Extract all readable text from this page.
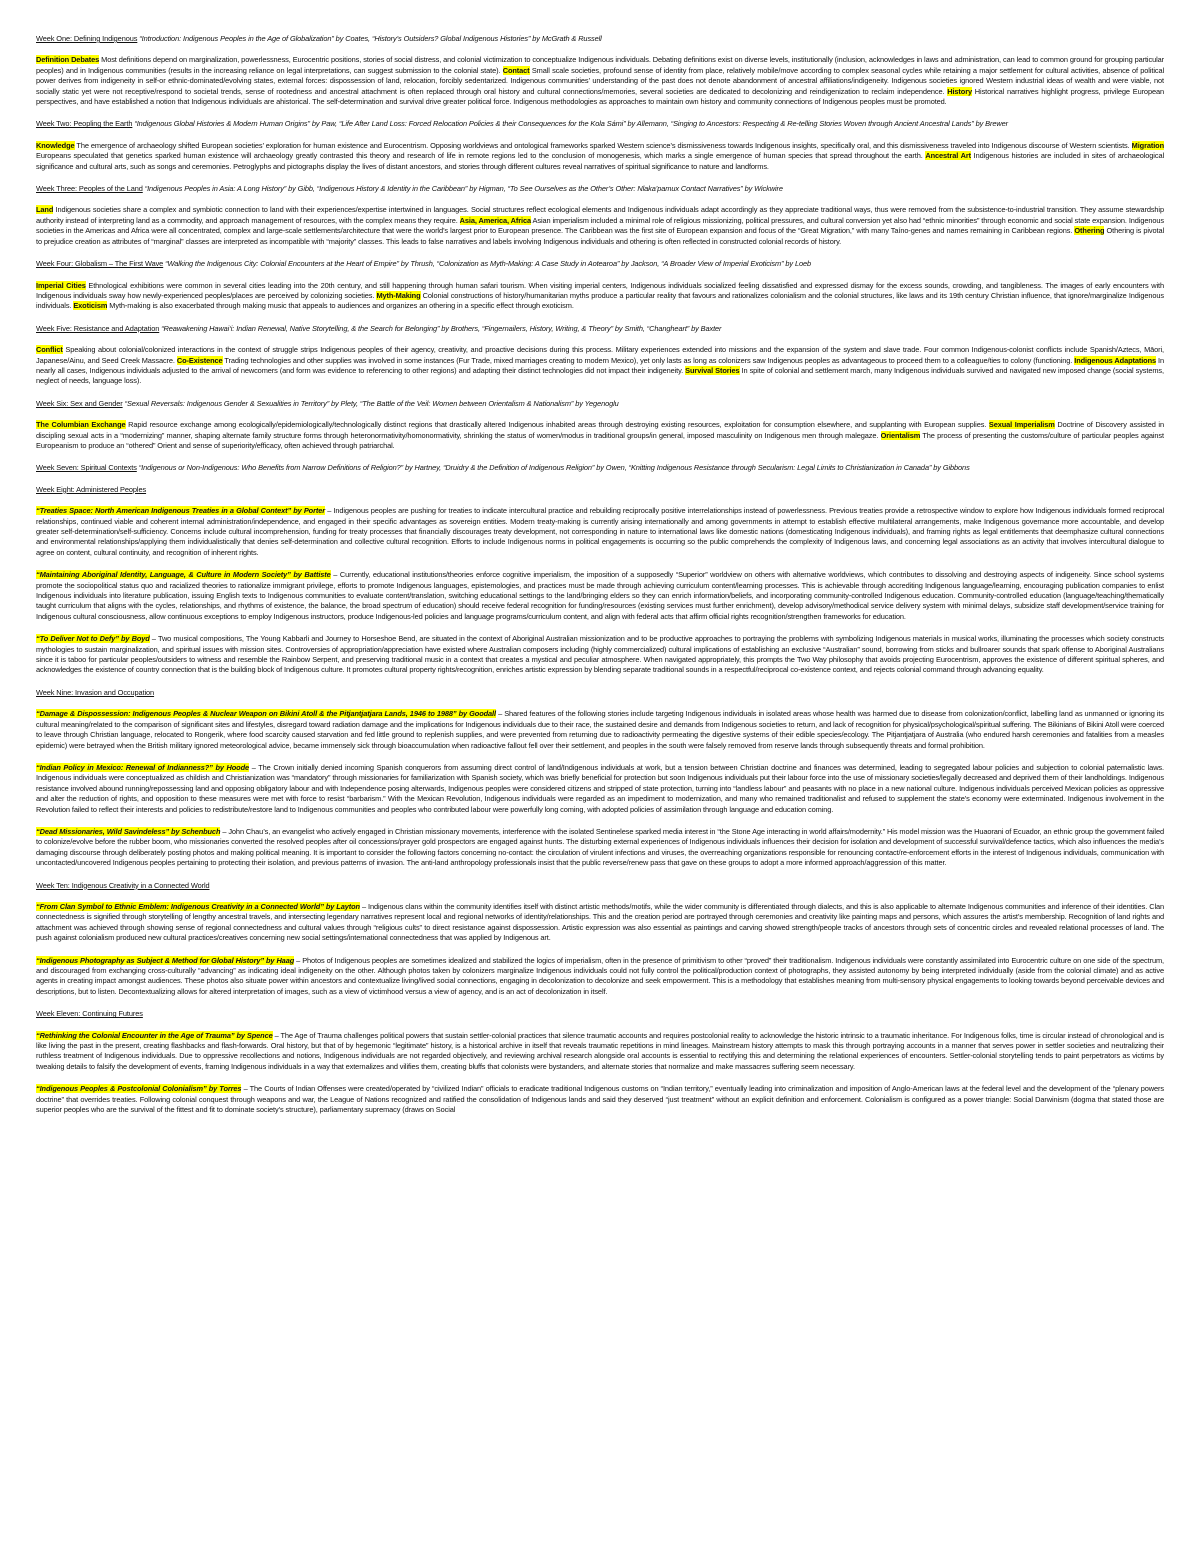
Week One: Defining Indigenous “Introduction: Indigenous Peoples in the Age of Globalization” by Coates, “History’s Outsiders? Global Indigenous Histories” by McGrath & Russell

Definition Debates Most definitions depend on marginalization, powerlessness, Eurocentric positions, stories of social distress, and colonial victimization to conceptualize Indigenous individuals. Debating definitions exist on diverse levels, institutionally (inclusion, acknowledges in laws and administration, can lead to common ground for grouping particular peoples) and in Indigenous communities (results in the increasing reliance on legal interpretations, can suggest submission to the colonial state). Contact Small scale societies, profound sense of identity from place, relatively mobile/move according to complex seasonal cycles while retaining a major settlement for cultural activities, absence of political power derives from indigeneity in self-or ethnic-dominated/evolving states, external forces: dispossession of land, relocation, forcibly sedentarized. Indigenous communities’ understanding of the past does not denote abandonment of ancestral affiliations/indigeneity. Indigenous societies ignored Western industrial ideas of wealth and were viable, not socially static yet were not receptive/respond to societal trends, sense of rootedness and ancestral attachment is often replaced through oral history and cultural connections/memories, several societies are dedicated to decolonizing and reindigenization to reclaim independence. History Historical narratives highlight progress, privilege European perspectives, and have established a notion that Indigenous individuals are ahistorical. The self-determination and survival drive greater political force. Indigenous methodologies as approaches to maintain own history and community connections of Indigenous peoples must be promoted.

Week Two: Peopling the Earth “Indigenous Global Histories & Modern Human Origins” by Paw, “Life After Land Loss: Forced Relocation Policies & their Consequences for the Kola Sámi” by Allemann, “Singing to Ancestors: Respecting & Re-telling Stories Woven through Ancient Ancestral Lands” by Brewer

Knowledge The emergence of archaeology shifted European societies’ exploration for human existence and Eurocentrism. Opposing worldviews and ontological frameworks sparked Western science’s dismissiveness towards Indigenous insights, specifically oral, and this dismissiveness traveled into Indigenous discourse of Western scientists. Migration Europeans speculated that genetics sparked human existence will archaeology greatly contrasted this theory and research of life in remote regions led to the conclusion of monogenesis, which marks a single emergence of human species that spread throughout the earth. Ancestral Art Indigenous histories are included in sites of archaeological significance and cultural arts, such as songs and ceremonies. Petroglyphs and pictographs display the lives of distant ancestors, and stories through different cultures reveal narratives of spiritual significance to nature and landforms.

Week Three: Peoples of the Land “Indigenous Peoples in Asia: A Long History” by Gibb, “Indigenous History & Identity in the Caribbean” by Higman, “To See Ourselves as the Other’s Other: Nlaka’pamux Contact Narratives” by Wickwire

Land Indigenous societies share a complex and symbiotic connection to land with their experiences/expertise intertwined in languages. Social structures reflect ecological elements and Indigenous individuals adapt accordingly as they appreciate traditional ways, thus were removed from the subsistence-to-industrial transition. They assume stewardship authority instead of interpreting land as a commodity, and approach management of resources, with the complex means they require. Asia, America, Africa Asian imperialism included a minimal role of religious missionizing, political pressures, and cultural conversion yet also had “ethnic minorities” through economic and social state expansion. Indigenous societies in the Americas and Africa were all concentrated, complex and large-scale settlements/architecture that were the world’s largest prior to European presence. The Caribbean was the first site of European expansion and focus of the “Great Migration,” with many Taíno-genes and names remaining in Caribbean regions. Othering Othering is pivotal to prejudice creation as attributes of “marginal” classes are interpreted as incompatible with “majority” classes. This leads to false narratives and labels involving Indigenous individuals and othering is often reflected in constructed colonial records of history.

Week Four: Globalism – The First Wave “Walking the Indigenous City: Colonial Encounters at the Heart of Empire” by Thrush, “Colonization as Myth-Making: A Case Study in Aotearoa” by Jackson, “A Broader View of Imperial Exoticism” by Loeb

Imperial Cities Ethnological exhibitions were common in several cities leading into the 20th century, and still happening through human safari tourism. When visiting imperial centers, Indigenous individuals socialized feeling dissatisfied and expressed dismay for the excess sounds, crowding, and tangibleness. The images of early encounters with Indigenous individuals sway how newly-experienced peoples/places are perceived by colonizing societies. Myth-Making Colonial constructions of history/humanitarian myths produce a particular reality that favours and rationalizes colonialism and the colonial structures, like laws and its 19th century Christian influence, that ignore/marginalize Indigenous individuals. Exoticism Myth-making is also exacerbated through making music that appeals to audiences and organizes an othering in a specific effect through exoticism.

Week Five: Resistance and Adaptation “Reawakening Hawai‘i: Indian Renewal, Native Storytelling, & the Search for Belonging” by Brothers, “Fingernailers, History, Writing, & Theory” by Smith, “Changheart” by Baxter

Conflict Speaking about colonial/colonized interactions in the context of struggle strips Indigenous peoples of their agency, creativity, and proactive decisions during this process. Military experiences extended into missions and the expansion of the system and slave trade. Four common Indigenous-colonist conflicts include Spanish/Aztecs, Māori, Japanese/Ainu, and Seed Creek Massacre. Co-Existence Trading technologies and other supplies was involved in some instances (Fur Trade, mixed marriages creating to modern Mexico), yet only lasts as long as colonizers saw Indigenous peoples as advantageous to proceed them to a colleague/ties to colony (functioning. Indigenous Adaptations In nearly all cases, Indigenous individuals adjusted to the arrival of newcomers (and form was evidence to referencing to other regions) and adapting their distinct technologies did not impact their indigeneity. Survival Stories In spite of colonial and settlement march, many Indigenous individuals survived and navigated new imposed change (social systems, neglect of needs, language loss).

Week Six: Sex and Gender “Sexual Reversals: Indigenous Gender & Sexualities in Territory” by Plety, “The Battle of the Veil: Women between Orientalism & Nationalism” by Yegenoglu

The Columbian Exchange Rapid resource exchange among ecologically/epidemiologically/technologically distinct regions that drastically altered Indigenous inhabited areas through destroying existing resources, exploitation for consumption elsewhere, and supplanting with European supplies. Sexual Imperialism Doctrine of Discovery assisted in discipling sexual acts in a “modernizing” manner, shaping alternate family structure forms through heteronormativity/homonormativity, shrinking the status of women/modus in traditional groups/in general, imposed masculinity on Indigenous men through malegaze. Orientalism The process of presenting the customs/culture of particular peoples against Europeanism to produce an “othered” Orient and sense of superiority/efficacy, often achieved through patriarchal.

Week Seven: Spiritual Contexts “Indigenous or Non-Indigenous: Who Benefits from Narrow Definitions of Religion?” by Hartney, “Druidry & the Definition of Indigenous Religion” by Owen, “Knitting Indigenous Resistance through Secularism: Legal Limits to Christianization in Canada” by Gibbons

Week Eight: Administered Peoples

“Treaties Space: North American Indigenous Treaties in a Global Context” by Porter – Indigenous peoples are pushing for treaties to indicate intercultural practice and rebuilding reciprocally positive interrelationships instead of powerlessness. Previous treaties provide a retrospective window to explore how Indigenous individuals formed reciprocal relationships, continued viable and coherent internal administration/independence, and engaged in their specific advantages as sovereign entities. Modern treaty-making is currently arising internationally and among governments in attempt to establish effective multilateral arrangements, make Indigenous governance more accountable, and develop greater self-determination/self-sufficiency. Concerns include cultural incomprehension, funding for treaty processes that financially discourages treaty development, not corresponding in nature to international laws like domestic nations (domesticating Indigenous individuals), and framing rights as legal entitlements that deemphasize cultural connections and environmental relationships/applying them individualistically that denies self-determination and collective cultural recognition. Efforts to include Indigenous norms in political engagements is occurring so the public comprehends the complexity of Indigenous laws, and concerning legal associations as an activity that involves intercultural dialogue to agree on content, cultural continuity, and recognition of inherent rights.

“Maintaining Aboriginal Identity, Language, & Culture in Modern Society” by Battiste – Currently, educational institutions/theories enforce cognitive imperialism, the imposition of a supposedly “Superior” worldview on others with alternative worldviews, which contributes to dissolving and destroying aspects of indigeneity. Since school systems promote the sociopolitical status quo and racialized theories to rationalize immigrant privilege, efforts to promote Indigenous languages, epistemologies, and practices must be made through achieving curriculum content/learning processes. This is achievable through accrediting Indigenous language/learning, encouraging publication companies to enlist Indigenous individuals into literature publication, issuing English texts to Indigenous communities to evaluate content/translation, switching educational settings to the land/bringing elders so they can enrich information/beliefs, and incorporating community-controlled Indigenous education. Community-controlled education (language/teaching/thematically taught curriculum that aligns with the cycles, relationships, and rhythms of existence, the balance, the broad spectrum of education) should receive federal recognition for funding/resources (existing services must further enrichment), develop advisory/methodical service delivery system with minimal delays, subsidize staff development/service training for Indigenous cultural consciousness, allow continuous exceptions to employ Indigenous instructors, produce Indigenous-led policies and language programs/curriculum content, and align with federal acts that affirm official rights recognition/strengthen frameworks for education.

“To Deliver Not to Defy” by Boyd – Two musical compositions, The Young Kabbarli and Journey to Horseshoe Bend, are situated in the context of Aboriginal Australian missionization and to be productive approaches to portraying the problems with symbolizing Indigenous materials in musical works, illuminating the processes which society constructs mythologies to sustain marginalization, and spiritual issues with mission sites. Controversies of appropriation/appreciation have existed where Australian composers including (highly commercialized) cultural implications of establishing an exclusive “Australian” sound, borrowing from sticks and bullroarer sounds that spark offense to Aboriginal Australians since it is taboo for particular peoples/outsiders to witness and resemble the Rainbow Serpent, and preserving traditional music in a context that creates a mystical and peculiar atmosphere. When navigated appropriately, this prompts the Two Way philosophy that avoids projecting Eurocentrism, approves the existence of different spiritual spheres, and acknowledges the existence of country connection that is the building block of Indigenous culture. It promotes cultural property rights/recognition, enriches artistic expression by blending separate traditional sounds in a respectful/reciprocal co-existence context, and rejects colonial command through advancing equality.

Week Nine: Invasion and Occupation

“Damage & Dispossession: Indigenous Peoples & Nuclear Weapon on Bikini Atoll & the Pitjantjatjara Lands, 1946 to 1988” by Goodall – Shared features of the following stories include targeting Indigenous individuals in isolated areas whose health was harmed due to disease from colonization/conflict, labelling land as unmanned or ignoring its cultural meaning/related to the comparison of significant sites and lifestyles, disregard toward radiation damage and the implications for Indigenous individuals due to their race, the sustained desire and demands from Indigenous societies to return, and lack of recognition for physical/psychological/spiritual suffering. The Bikinians of Bikini Atoll were coerced to leave through Christian language, relocated to Rongerik, where food scarcity caused starvation and fed little ground to replenish supplies, and were prevented from returning due to radioactivity permeating the digestive systems of their edible species/ecology. The Pitjantjatjara of Australia (who endured harsh ceremonies and fatalities from a measles epidemic) were betrayed when the British military ignored meteorological advice, became immensely sick through bioaccumulation when radioactive fallout fell over their settlement, and peoples in the south were falsely removed from reserve lands through subsequently threats and formal prohibition.

“Indian Policy in Mexico: Renewal of Indianness?” by Hoode – The Crown initially denied incoming Spanish conquerors from assuming direct control of land/Indigenous individuals at work, but a tension between Christian doctrine and finances was determined, leading to segregated labour policies and subjection to colonial paternalistic laws. Indigenous individuals were conceptualized as childish and Christianization was “mandatory” through missionaries for familiarization with Spanish society, which was briefly beneficial for protection but soon Indigenous individuals put their labour force into the use of missionary societies/legally decreased and deprived them of their landholdings. Indigenous resistance involved abound running/repossessing land and opposing obligatory labour and with Independence posing alterwards, Indigenous peoples were considered citizens and stripped of state protection, turning into “landless labour” and peasants with no place in a new national culture. Indigenous individuals perceived Mexican policies as oppressive and alter the reduction of rights, and opposition to these measures were met with force to resist “barbarism.” With the Mexican Revolution, Indigenous individuals were regarded as an impediment to modernization, and many who remained traditionalist and refused to supplement the state’s economy were exterminated. Indigenous involvement in the Revolution failed to reflect their interests and policies to redistribute/restore land to Indigenous communities and peoples who contributed labour were powerfully long coming, with adopted policies of assimilation through language and education coming.

“Dead Missionaries, Wild Savindeless” by Schenbuch – John Chau’s, an evangelist who actively engaged in Christian missionary movements, interference with the isolated Sentinelese sparked media interest in “the Stone Age interacting in world affairs/modernity.” His model mission was the Huaorani of Ecuador, an ethnic group the government failed to colonize/evolve before the rubber boom, who missionaries converted the resolved peoples after oil concessions/prayer gold prospectors are engaged against hunts. The disturbing external experiences of Indigenous individuals influences their decision for isolation and development of successful survival/defence tactics, which also influences the media’s damaging discourse through deliberately posting photos and making political meaning. It is important to consider the following factors concerning no-contact: the circulation of virulent infections and viruses, the overreaching organizations responsible for renouncing contact/re-enforcement efforts in the interest of Indigenous individuals, communication with uncontacted/uncovered Indigenous peoples pertaining to protecting their isolation, and previous patterns of invasion. The anti-land anthropology professionals insist that the public reverse/renew pass that gave on these groups to adopt a more informed approach/aggression of this matter.

Week Ten: Indigenous Creativity in a Connected World

“From Clan Symbol to Ethnic Emblem: Indigenous Creativity in a Connected World” by Layton – Indigenous clans within the community identifies itself with distinct artistic methods/motifs, while the wider community is differentiated through dialects, and this is also applicable to alternate Indigenous communities and inference of their identities. Clan connectedness is signified through storytelling of lengthy ancestral travels, and intersecting legendary narratives represent local and regional networks of identity/relationships. This and the creation period are portrayed through ceremonies and creativity like painting maps and persons, which assures the artist’s membership. Recognition of land rights and attachment was achieved through showing sense of regional connectedness and cultural values through “religious cults” to direct resistance against dispossession. Artistic expression was also essential as paintings and carving showed strength/people tracks of ancestors through sets of concentric circles and revealed relational processes of land. The push against colonialism produced new cultural practices/creatives concerning new social settings/international connectedness that was applied by Indigenous art.

“Indigenous Photography as Subject & Method for Global History” by Haag – Photos of Indigenous peoples are sometimes idealized and stabilized the logics of imperialism, often in the presence of primitivism to other “proved” their traditionalism. Indigenous individuals were constantly assimilated into Eurocentric culture on one side of the spectrum, and discouraged from exchanging cross-culturally “advancing” as indicating ideal indigeneity on the other. Although photos taken by colonizers marginalize Indigenous individuals could not fully control the political/production context of photographs, they assisted autonomy by being interpreted individually (aside from the colonial climate) and as active agents in creating impact amongst audiences. These photos also situate power within ancestors and contextualize living/lived social connections, engaging in decolonization to decolonize and seek empowerment. This is a methodology that establishes meaning from multi-sensory physical engagements to looking towards beyond perceivable devices and descriptions, but to listen. Decontextualizing allows for altered interpretation of images, such as a view of victimhood versus a view of agency, and is an act of decolonization in itself.

Week Eleven: Continuing Futures

“Rethinking the Colonial Encounter in the Age of Trauma” by Spence – The Age of Trauma challenges political powers that sustain settler-colonial practices that silence traumatic accounts and requires postcolonial reality to acknowledge the historic intrinsic to a traumatic inheritance. For Indigenous folks, time is circular instead of chronological and is like living the past in the present, creating flashbacks and flash-forwards. Oral history, but that of by hegemonic “legitimate” history, is a historical archive in itself that reveals traumatic repetitions in mind lineages. Mainstream history attempts to mask this through portraying accounts in a manner that serves power in settler societies and neutralizing their ruthless treatment of Indigenous individuals. Due to oppressive recollections and notions, Indigenous individuals are not regarded objectively, and reviewing archival research alongside oral accounts is essential to rectifying this and determining the relational experiences of encounters. Settler-colonial storytelling tends to paint perpetrators as victims by tweaking details to falsify the development of events, framing Indigenous individuals in a way that externalizes and vilifies them, creating bluffs that colonists were bystanders, and alternate stories that normalize and make massacres suffering seem necessary.

“Indigenous Peoples & Postcolonial Colonialism” by Torres – The Courts of Indian Offenses were created/operated by “civilized Indian” officials to eradicate traditional Indigenous customs on “Indian territory,” eventually leading into criminalization and imposition of Anglo-American laws at the federal level and the development of the “plenary powers doctrine” that overrides treaties. Following colonial conquest through weapons and war, the League of Nations recognized and ratified the consolidation of Indigenous lands and said they deserved “just treatment” without an explicit definition and enforcement. Colonialism is configured as a power triangle: Social Darwinism (dogma that stated those are superior peoples who are the survival of the fittest and fit to dominate society’s structure), parliamentary supremacy (draws on Social
